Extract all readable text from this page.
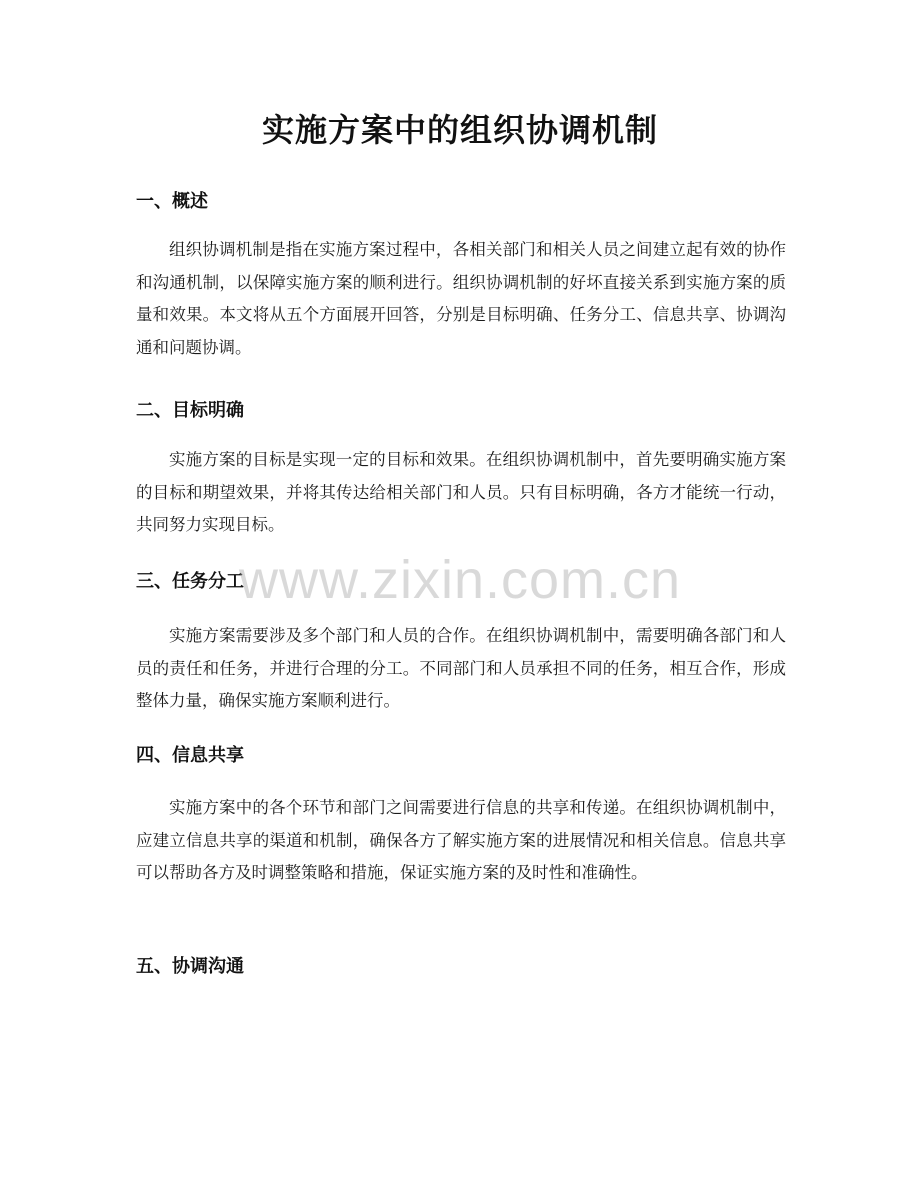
实施方案中的组织协调机制
一、概述
组织协调机制是指在实施方案过程中，各相关部门和相关人员之间建立起有效的协作和沟通机制，以保障实施方案的顺利进行。组织协调机制的好坏直接关系到实施方案的质量和效果。本文将从五个方面展开回答，分别是目标明确、任务分工、信息共享、协调沟通和问题协调。
二、目标明确
实施方案的目标是实现一定的目标和效果。在组织协调机制中，首先要明确实施方案的目标和期望效果，并将其传达给相关部门和人员。只有目标明确，各方才能统一行动，共同努力实现目标。
三、任务分工
实施方案需要涉及多个部门和人员的合作。在组织协调机制中，需要明确各部门和人员的责任和任务，并进行合理的分工。不同部门和人员承担不同的任务，相互合作，形成整体力量，确保实施方案顺利进行。
四、信息共享
实施方案中的各个环节和部门之间需要进行信息的共享和传递。在组织协调机制中，应建立信息共享的渠道和机制，确保各方了解实施方案的进展情况和相关信息。信息共享可以帮助各方及时调整策略和措施，保证实施方案的及时性和准确性。
五、协调沟通
www.zixin.com.cn
